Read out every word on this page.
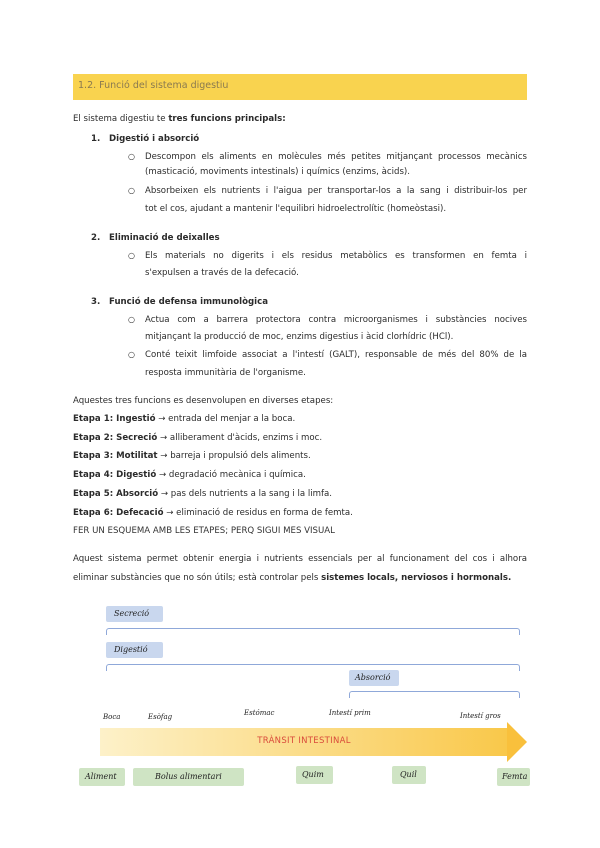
1.2. Funció del sistema digestiu
El sistema digestiu te tres funcions principals:
1. Digestió i absorció
○ Descompon els aliments en molècules més petites mitjançant processos mecànics
(masticació, moviments intestinals) i químics (enzims, àcids).
○ Absorbeixen els nutrients i l'aigua per transportar-los a la sang i distribuir-los per
tot el cos, ajudant a mantenir l'equilibri hidroelectrolític (homeòstasi).
2. Eliminació de deixalles
○ Els materials no digerits i els residus metabòlics es transformen en femta i
s'expulsen a través de la defecació.
3. Funció de defensa immunològica
○ Actua com a barrera protectora contra microorganismes i substàncies nocives
mitjançant la producció de moc, enzims digestius i àcid clorhídric (HCl).
○ Conté teixit limfoide associat a l'intestí (GALT), responsable de més del 80% de la
resposta immunitària de l'organisme.
Aquestes tres funcions es desenvolupen en diverses etapes:
Etapa 1: Ingestió → entrada del menjar a la boca.
Etapa 2: Secreció → alliberament d'àcids, enzims i moc.
Etapa 3: Motilitat → barreja i propulsió dels aliments.
Etapa 4: Digestió → degradació mecànica i química.
Etapa 5: Absorció → pas dels nutrients a la sang i la limfa.
Etapa 6: Defecació → eliminació de residus en forma de femta.
FER UN ESQUEMA AMB LES ETAPES; PERQ SIGUI MES VISUAL
Aquest sistema permet obtenir energia i nutrients essencials per al funcionament del cos i alhora
eliminar substàncies que no són útils; està controlar pels sistemes locals, nerviosos i hormonals.
Secreció
Digestió
Absorció
Boca	Esòfag	Estómac	Intestí prim	Intestí gros
TRÀNSIT INTESTINAL
Aliment	Bolus alimentari	Quim	Quil	Femta
